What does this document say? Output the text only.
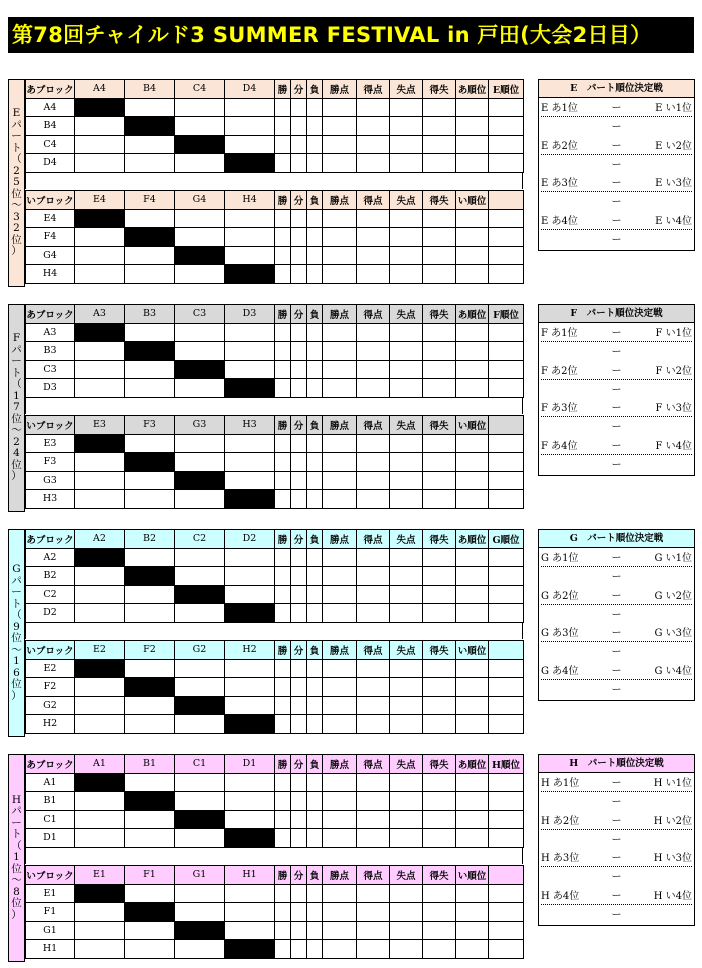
第78回チャイルド3 SUMMER FESTIVAL in 戸田(大会2日目）
E
パ
ー
ト
（
2
5
位
～
3
2
位
）
あブロック	A4	B4	C4	D4	勝	分	負	勝点	得点	失点	得失	あ順位	E順位
A4													
B4													
C4													
D4													
いブロック	E4	F4	G4	H4	勝	分	負	勝点	得点	失点	得失	い順位	
E4													
F4													
G4													
H4													
E　パート順位決定戦
E あ1位	ー	E い1位
ー
E あ2位	ー	E い2位
ー
E あ3位	ー	E い3位
ー
E あ4位	ー	E い4位
ー
F
パ
ー
ト
（
1
7
位
～
2
4
位
）
あブロック	A3	B3	C3	D3	勝	分	負	勝点	得点	失点	得失	あ順位	F順位
A3													
B3													
C3													
D3													
いブロック	E3	F3	G3	H3	勝	分	負	勝点	得点	失点	得失	い順位	
E3													
F3													
G3													
H3													
F　パート順位決定戦
F あ1位	ー	F い1位
ー
F あ2位	ー	F い2位
ー
F あ3位	ー	F い3位
ー
F あ4位	ー	F い4位
ー
G
パ
ー
ト
（
9
位
～
1
6
位
）
あブロック	A2	B2	C2	D2	勝	分	負	勝点	得点	失点	得失	あ順位	G順位
A2													
B2													
C2													
D2													
いブロック	E2	F2	G2	H2	勝	分	負	勝点	得点	失点	得失	い順位	
E2													
F2													
G2													
H2													
G　パート順位決定戦
G あ1位	ー	G い1位
ー
G あ2位	ー	G い2位
ー
G あ3位	ー	G い3位
ー
G あ4位	ー	G い4位
ー
H
パ
ー
ト
（
1
位
～
8
位
）
あブロック	A1	B1	C1	D1	勝	分	負	勝点	得点	失点	得失	あ順位	H順位
A1													
B1													
C1													
D1													
いブロック	E1	F1	G1	H1	勝	分	負	勝点	得点	失点	得失	い順位	
E1													
F1													
G1													
H1													
H　パート順位決定戦
H あ1位	ー	H い1位
ー
H あ2位	ー	H い2位
ー
H あ3位	ー	H い3位
ー
H あ4位	ー	H い4位
ー
